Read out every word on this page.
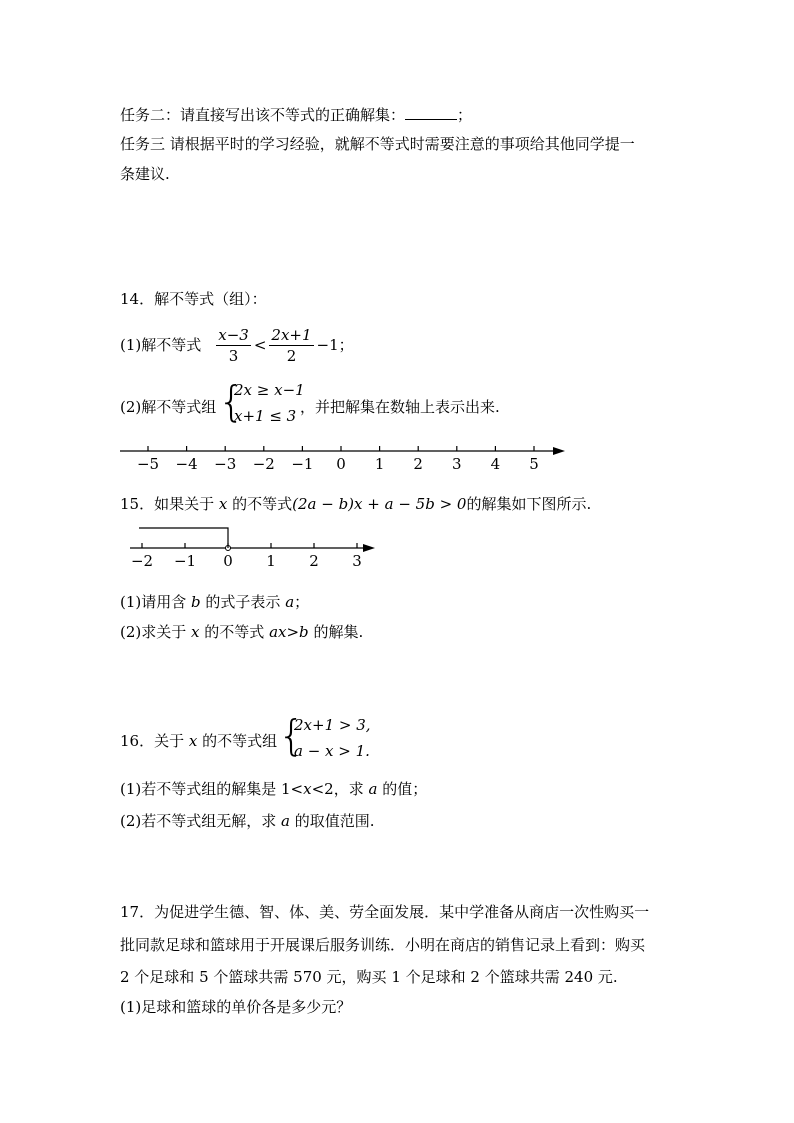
任务二：请直接写出该不等式的正确解集：	；
任务三 请根据平时的学习经验，就解不等式时需要注意的事项给其他同学提一
条建议.
14．解不等式（组）：
(1)解不等式 $\frac{x-3}{3} < \frac{2x+1}{2} -1$；
(2)解不等式组 {
2x ≥ x−1
x+1 ≤ 3 ，并把解集在数轴上表示出来.
−5 −4 −3 −2 −1 0 1 2 3 4 5
15．如果关于 x 的不等式(2a − b)x + a − 5b > 0的解集如下图所示.
−2 −1 0 1 2 3
(1)请用含 b 的式子表示 a；
(2)求关于 x 的不等式 ax>b 的解集.
16．关于 x 的不等式组 {
2x+1 > 3,
a − x > 1.
(1)若不等式组的解集是 1<x<2，求 a 的值；
(2)若不等式组无解，求 a 的取值范围.
17．为促进学生德、智、体、美、劳全面发展．某中学准备从商店一次性购买一
批同款足球和篮球用于开展课后服务训练．小明在商店的销售记录上看到：购买
2 个足球和 5 个篮球共需 570 元，购买 1 个足球和 2 个篮球共需 240 元.
(1)足球和篮球的单价各是多少元？
